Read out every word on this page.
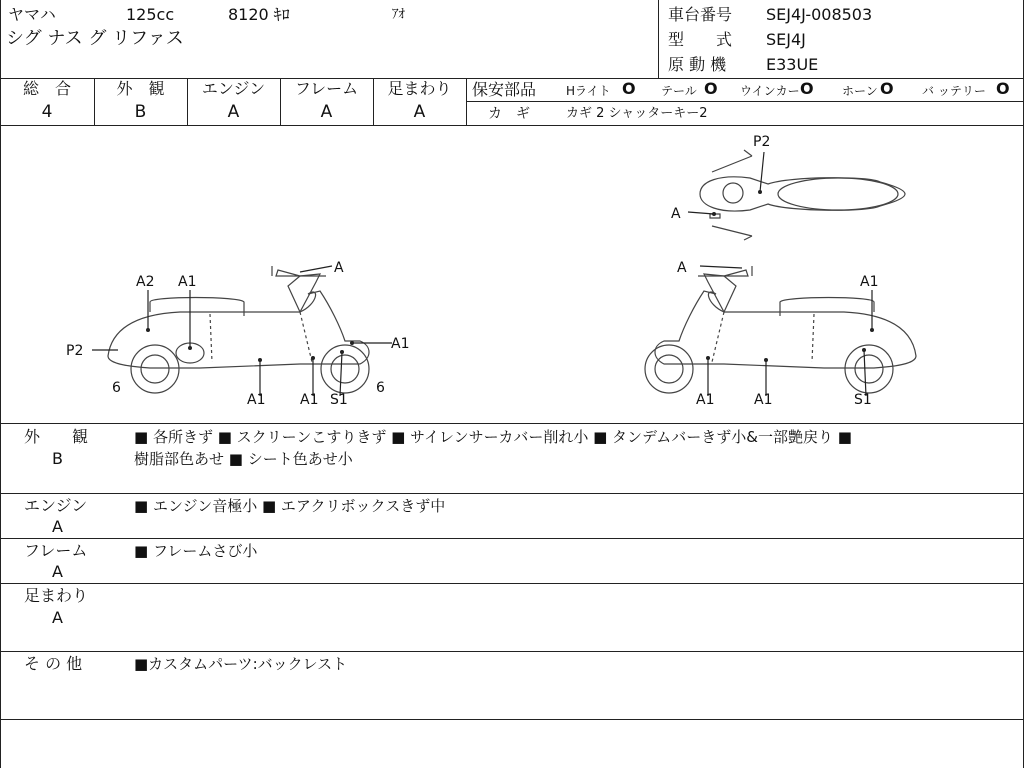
ヤマハ	125cc	8120 ｷﾛ	ｱｵ
シグ ナス グ リファス
車台番号 SEJ4J-008503
型　　式 SEJ4J
原 動 機 E33UE
総　合
4
外　観
B
エンジン
A
フレーム
A
足まわり
A
保安部品 Hライト O テール O ウインカー O ホーン O バ ッテリー O
カ　ギ	カギ 2 シャッターキー2
A2 A1
A
P2	A1
6
A1 A1 S1
6
P2
A
A
A1
A1	A1	S1
外　　観
B
■ 各所きず ■ スクリーンこすりきず ■ サイレンサーカバー削れ小 ■ タンデムバーきず小&一部艶戻り ■
樹脂部色あせ ■ シート色あせ小
エンジン
A
■ エンジン音極小 ■ エアクリボックスきず中
フレーム
A
■ フレームさび小
足まわり
A
そ の 他	■カスタムパーツ:バックレスト
